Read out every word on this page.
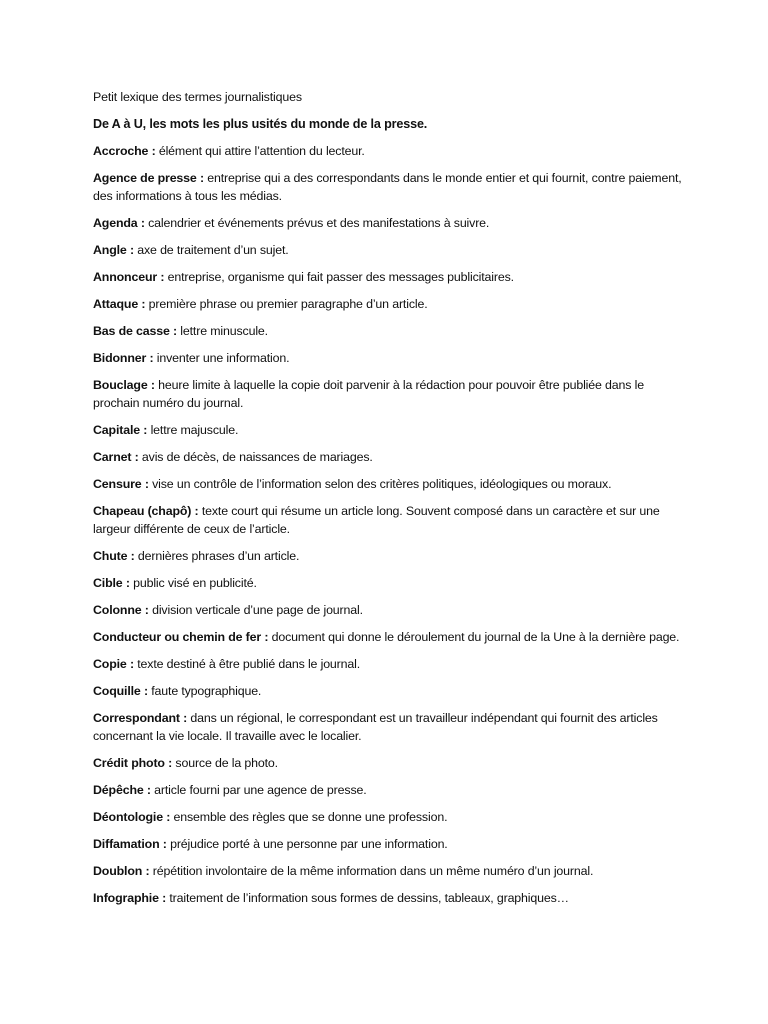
Petit lexique des termes journalistiques

De A à U, les mots les plus usités du monde de la presse.

Accroche : élément qui attire l’attention du lecteur.

Agence de presse : entreprise qui a des correspondants dans le monde entier et qui fournit, contre paiement, des informations à tous les médias.

Agenda : calendrier et événements prévus et des manifestations à suivre.

Angle : axe de traitement d’un sujet.

Annonceur : entreprise, organisme qui fait passer des messages publicitaires.

Attaque : première phrase ou premier paragraphe d’un article.

Bas de casse : lettre minuscule.

Bidonner : inventer une information.

Bouclage : heure limite à laquelle la copie doit parvenir à la rédaction pour pouvoir être publiée dans le prochain numéro du journal.

Capitale : lettre majuscule.

Carnet : avis de décès, de naissances de mariages.

Censure : vise un contrôle de l’information selon des critères politiques, idéologiques ou moraux.

Chapeau (chapô) : texte court qui résume un article long. Souvent composé dans un caractère et sur une largeur différente de ceux de l’article.

Chute : dernières phrases d’un article.

Cible : public visé en publicité.

Colonne : division verticale d’une page de journal.

Conducteur ou chemin de fer : document qui donne le déroulement du journal de la Une à la dernière page.

Copie : texte destiné à être publié dans le journal.

Coquille : faute typographique.

Correspondant : dans un régional, le correspondant est un travailleur indépendant qui fournit des articles concernant la vie locale. Il travaille avec le localier.

Crédit photo : source de la photo.

Dépêche : article fourni par une agence de presse.

Déontologie : ensemble des règles que se donne une profession.

Diffamation : préjudice porté à une personne par une information.

Doublon : répétition involontaire de la même information dans un même numéro d’un journal.

Infographie : traitement de l’information sous formes de dessins, tableaux, graphiques…
